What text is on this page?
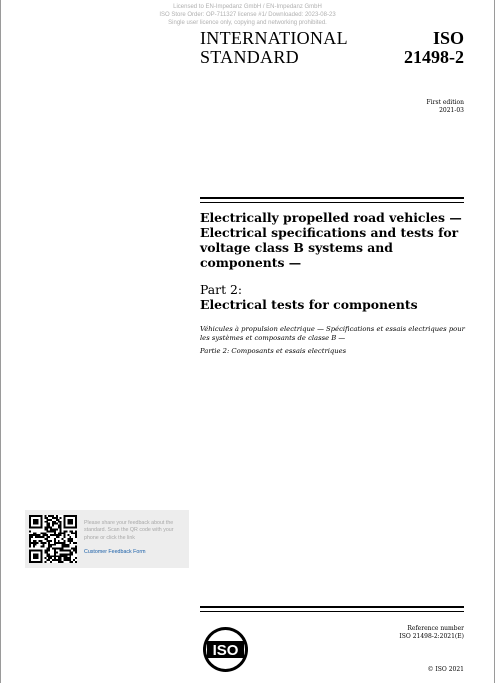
Licensed to EN-Impedanz GmbH / EN-Impedanz GmbH
ISO Store Order: OP-711327 license #1/ Downloaded: 2023-08-23
Single user licence only, copying and networking prohibited.
INTERNATIONAL
STANDARD
ISO
21498-2
First edition
2021-03
Electrically propelled road vehicles — Electrical specifications and tests for voltage class B systems and components —
Part 2:
Electrical tests for components
Véhicules à propulsion electrique — Spécifications et essais electriques pour les systèmes et composants de classe B —
Partie 2: Composants et essais electriques
Please share your feedback about the standard. Scan the QR code with your phone or click the link
Customer Feedback Form
ISO
Reference number
ISO 21498-2:2021(E)
© ISO 2021
